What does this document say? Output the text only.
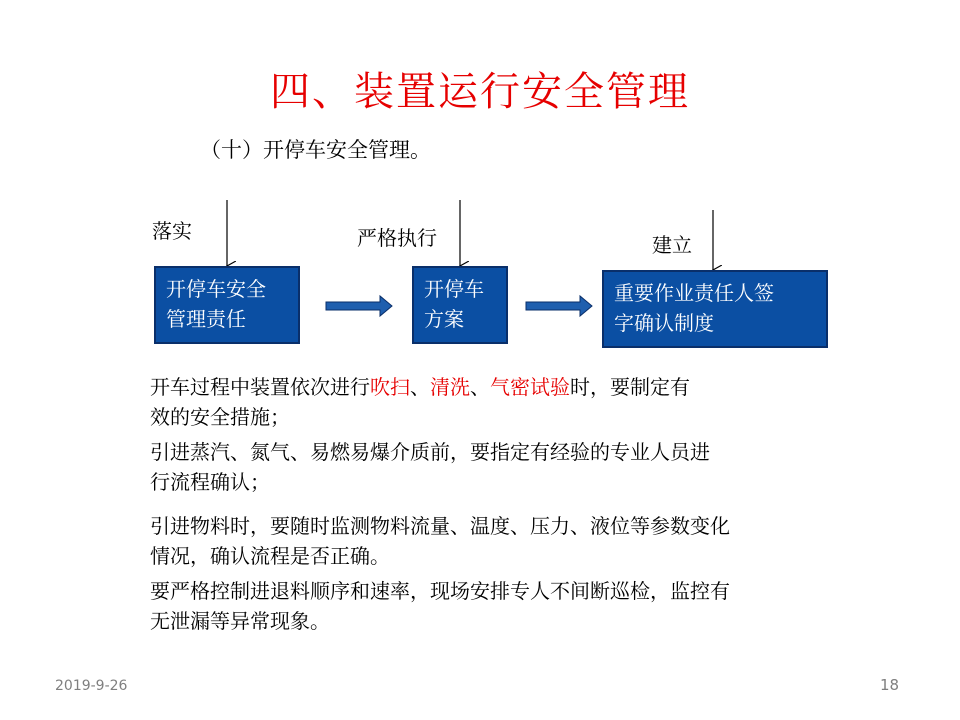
四、装置运行安全管理
（十）开停车安全管理。
落实	严格执行	建立
开停车安全
管理责任
开停车
方案
重要作业责任人签
字确认制度
开车过程中装置依次进行吹扫、清洗、气密试验时，要制定有
效的安全措施；
引进蒸汽、氮气、易燃易爆介质前，要指定有经验的专业人员进
行流程确认；
引进物料时，要随时监测物料流量、温度、压力、液位等参数变化
情况，确认流程是否正确。
要严格控制进退料顺序和速率，现场安排专人不间断巡检，监控有
无泄漏等异常现象。
2019-9-26	18
